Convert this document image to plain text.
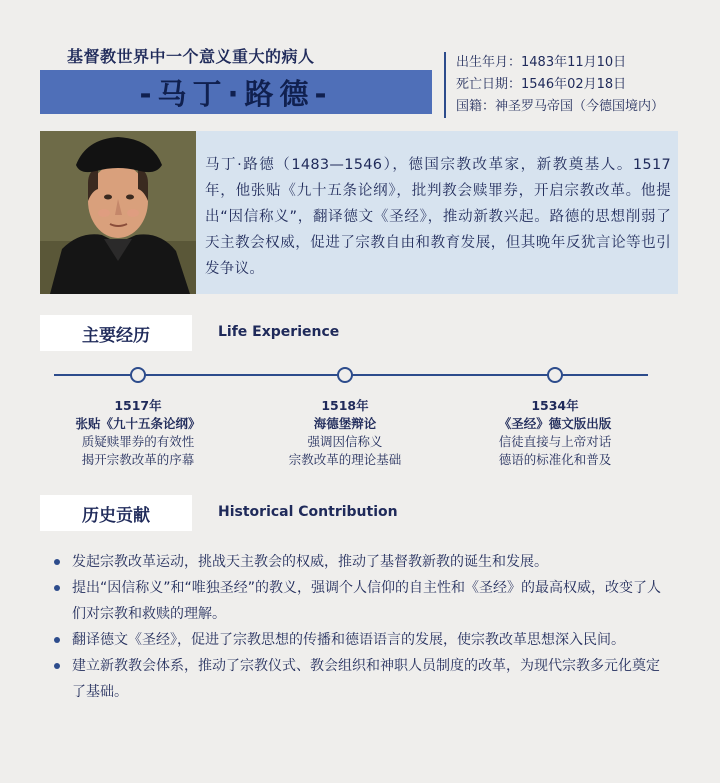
基督教世界中一个意义重大的病人
-马丁·路德-
出生年月：1483年11月10日
死亡日期：1546年02月18日
国籍：神圣罗马帝国（今德国境内）
马丁·路德（1483—1546），德国宗教改革家，新教奠基人。1517年，他张贴《九十五条论纲》，批判教会赎罪券，开启宗教改革。他提出“因信称义”，翻译德文《圣经》，推动新教兴起。路德的思想削弱了天主教会权威，促进了宗教自由和教育发展，但其晚年反犹言论等也引发争议。
主要经历	Life Experience
1517年
张贴《九十五条论纲》
质疑赎罪券的有效性
揭开宗教改革的序幕
1518年
海德堡辩论
强调因信称义
宗教改革的理论基础
1534年
《圣经》德文版出版
信徒直接与上帝对话
德语的标准化和普及
历史贡献	Historical Contribution
发起宗教改革运动，挑战天主教会的权威，推动了基督教新教的诞生和发展。
提出“因信称义”和“唯独圣经”的教义，强调个人信仰的自主性和《圣经》的最高权威，改变了人们对宗教和救赎的理解。
翻译德文《圣经》，促进了宗教思想的传播和德语语言的发展，使宗教改革思想深入民间。
建立新教教会体系，推动了宗教仪式、教会组织和神职人员制度的改革，为现代宗教多元化奠定了基础。
